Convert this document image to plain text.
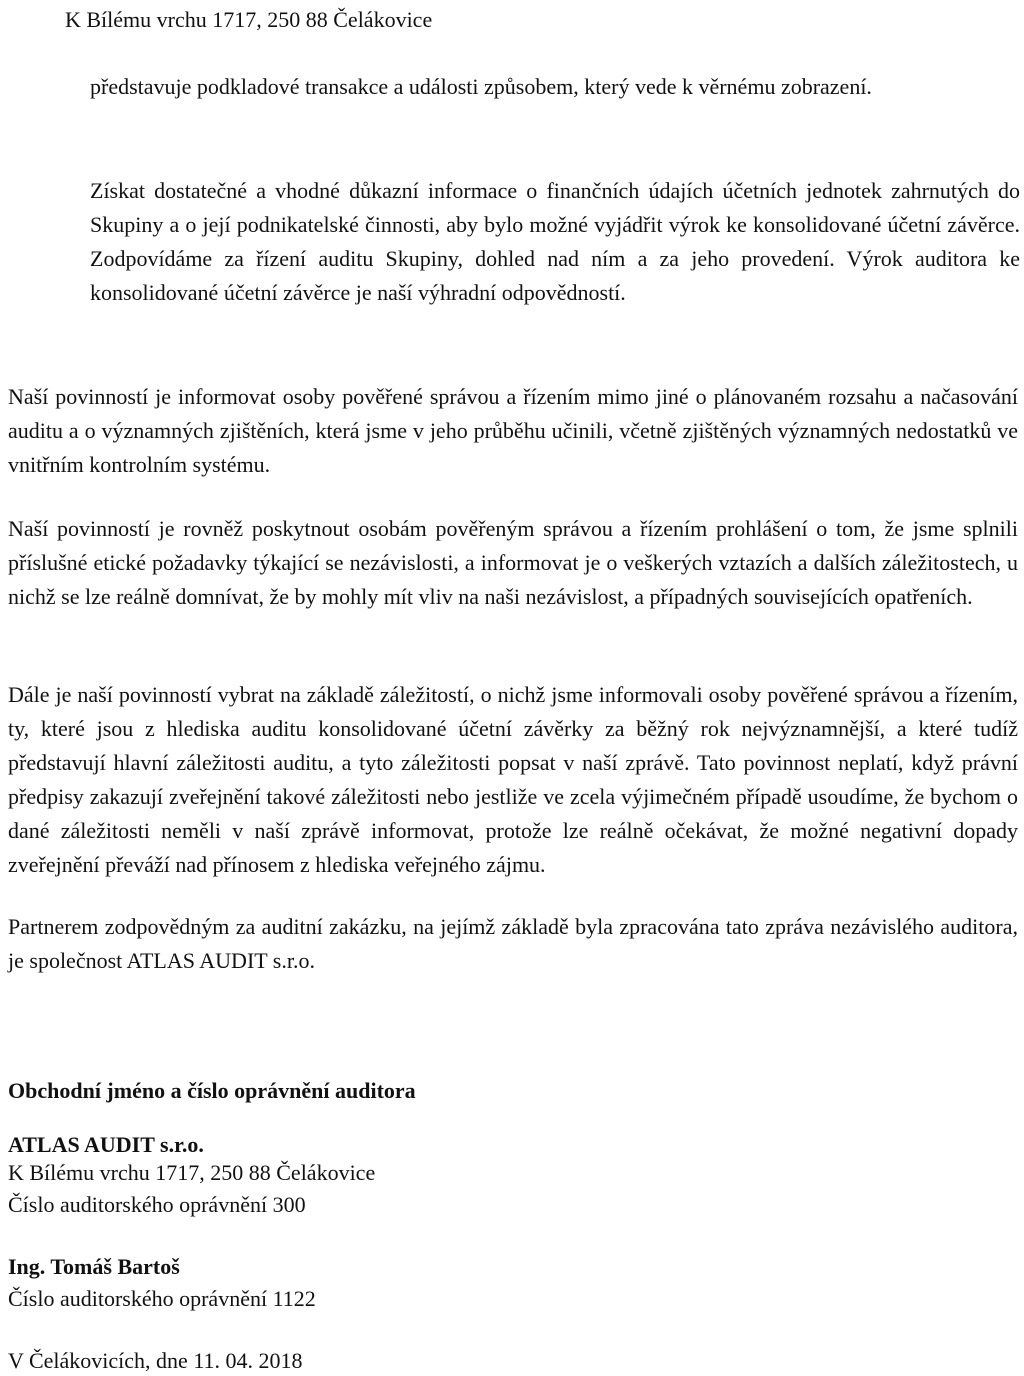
K Bílému vrchu 1717, 250 88 Čelákovice

představuje podkladové transakce a události způsobem, který vede k věrnému zobrazení.

Získat dostatečné a vhodné důkazní informace o finančních údajích účetních jednotek zahrnutých do Skupiny a o její podnikatelské činnosti, aby bylo možné vyjádřit výrok ke konsolidované účetní závěrce. Zodpovídáme za řízení auditu Skupiny, dohled nad ním a za jeho provedení. Výrok auditora ke konsolidované účetní závěrce je naší výhradní odpovědností.

Naší povinností je informovat osoby pověřené správou a řízením mimo jiné o plánovaném rozsahu a načasování auditu a o významných zjištěních, která jsme v jeho průběhu učinili, včetně zjištěných významných nedostatků ve vnitřním kontrolním systému.

Naší povinností je rovněž poskytnout osobám pověřeným správou a řízením prohlášení o tom, že jsme splnili příslušné etické požadavky týkající se nezávislosti, a informovat je o veškerých vztazích a dalších záležitostech, u nichž se lze reálně domnívat, že by mohly mít vliv na naši nezávislost, a případných souvisejících opatřeních.

Dále je naší povinností vybrat na základě záležitostí, o nichž jsme informovali osoby pověřené správou a řízením, ty, které jsou z hlediska auditu konsolidované účetní závěrky za běžný rok nejvýznamnější, a které tudíž představují hlavní záležitosti auditu, a tyto záležitosti popsat v naší zprávě. Tato povinnost neplatí, když právní předpisy zakazují zveřejnění takové záležitosti nebo jestliže ve zcela výjimečném případě usoudíme, že bychom o dané záležitosti neměli v naší zprávě informovat, protože lze reálně očekávat, že možné negativní dopady zveřejnění převáží nad přínosem z hlediska veřejného zájmu.

Partnerem zodpovědným za auditní zakázku, na jejímž základě byla zpracována tato zpráva nezávislého auditora, je společnost ATLAS AUDIT s.r.o.

Obchodní jméno a číslo oprávnění auditora
ATLAS AUDIT s.r.o.
K Bílému vrchu 1717, 250 88 Čelákovice
Číslo auditorského oprávnění 300
Ing. Tomáš Bartoš
Číslo auditorského oprávnění 1122
V Čelákovicích, dne 11. 04. 2018
